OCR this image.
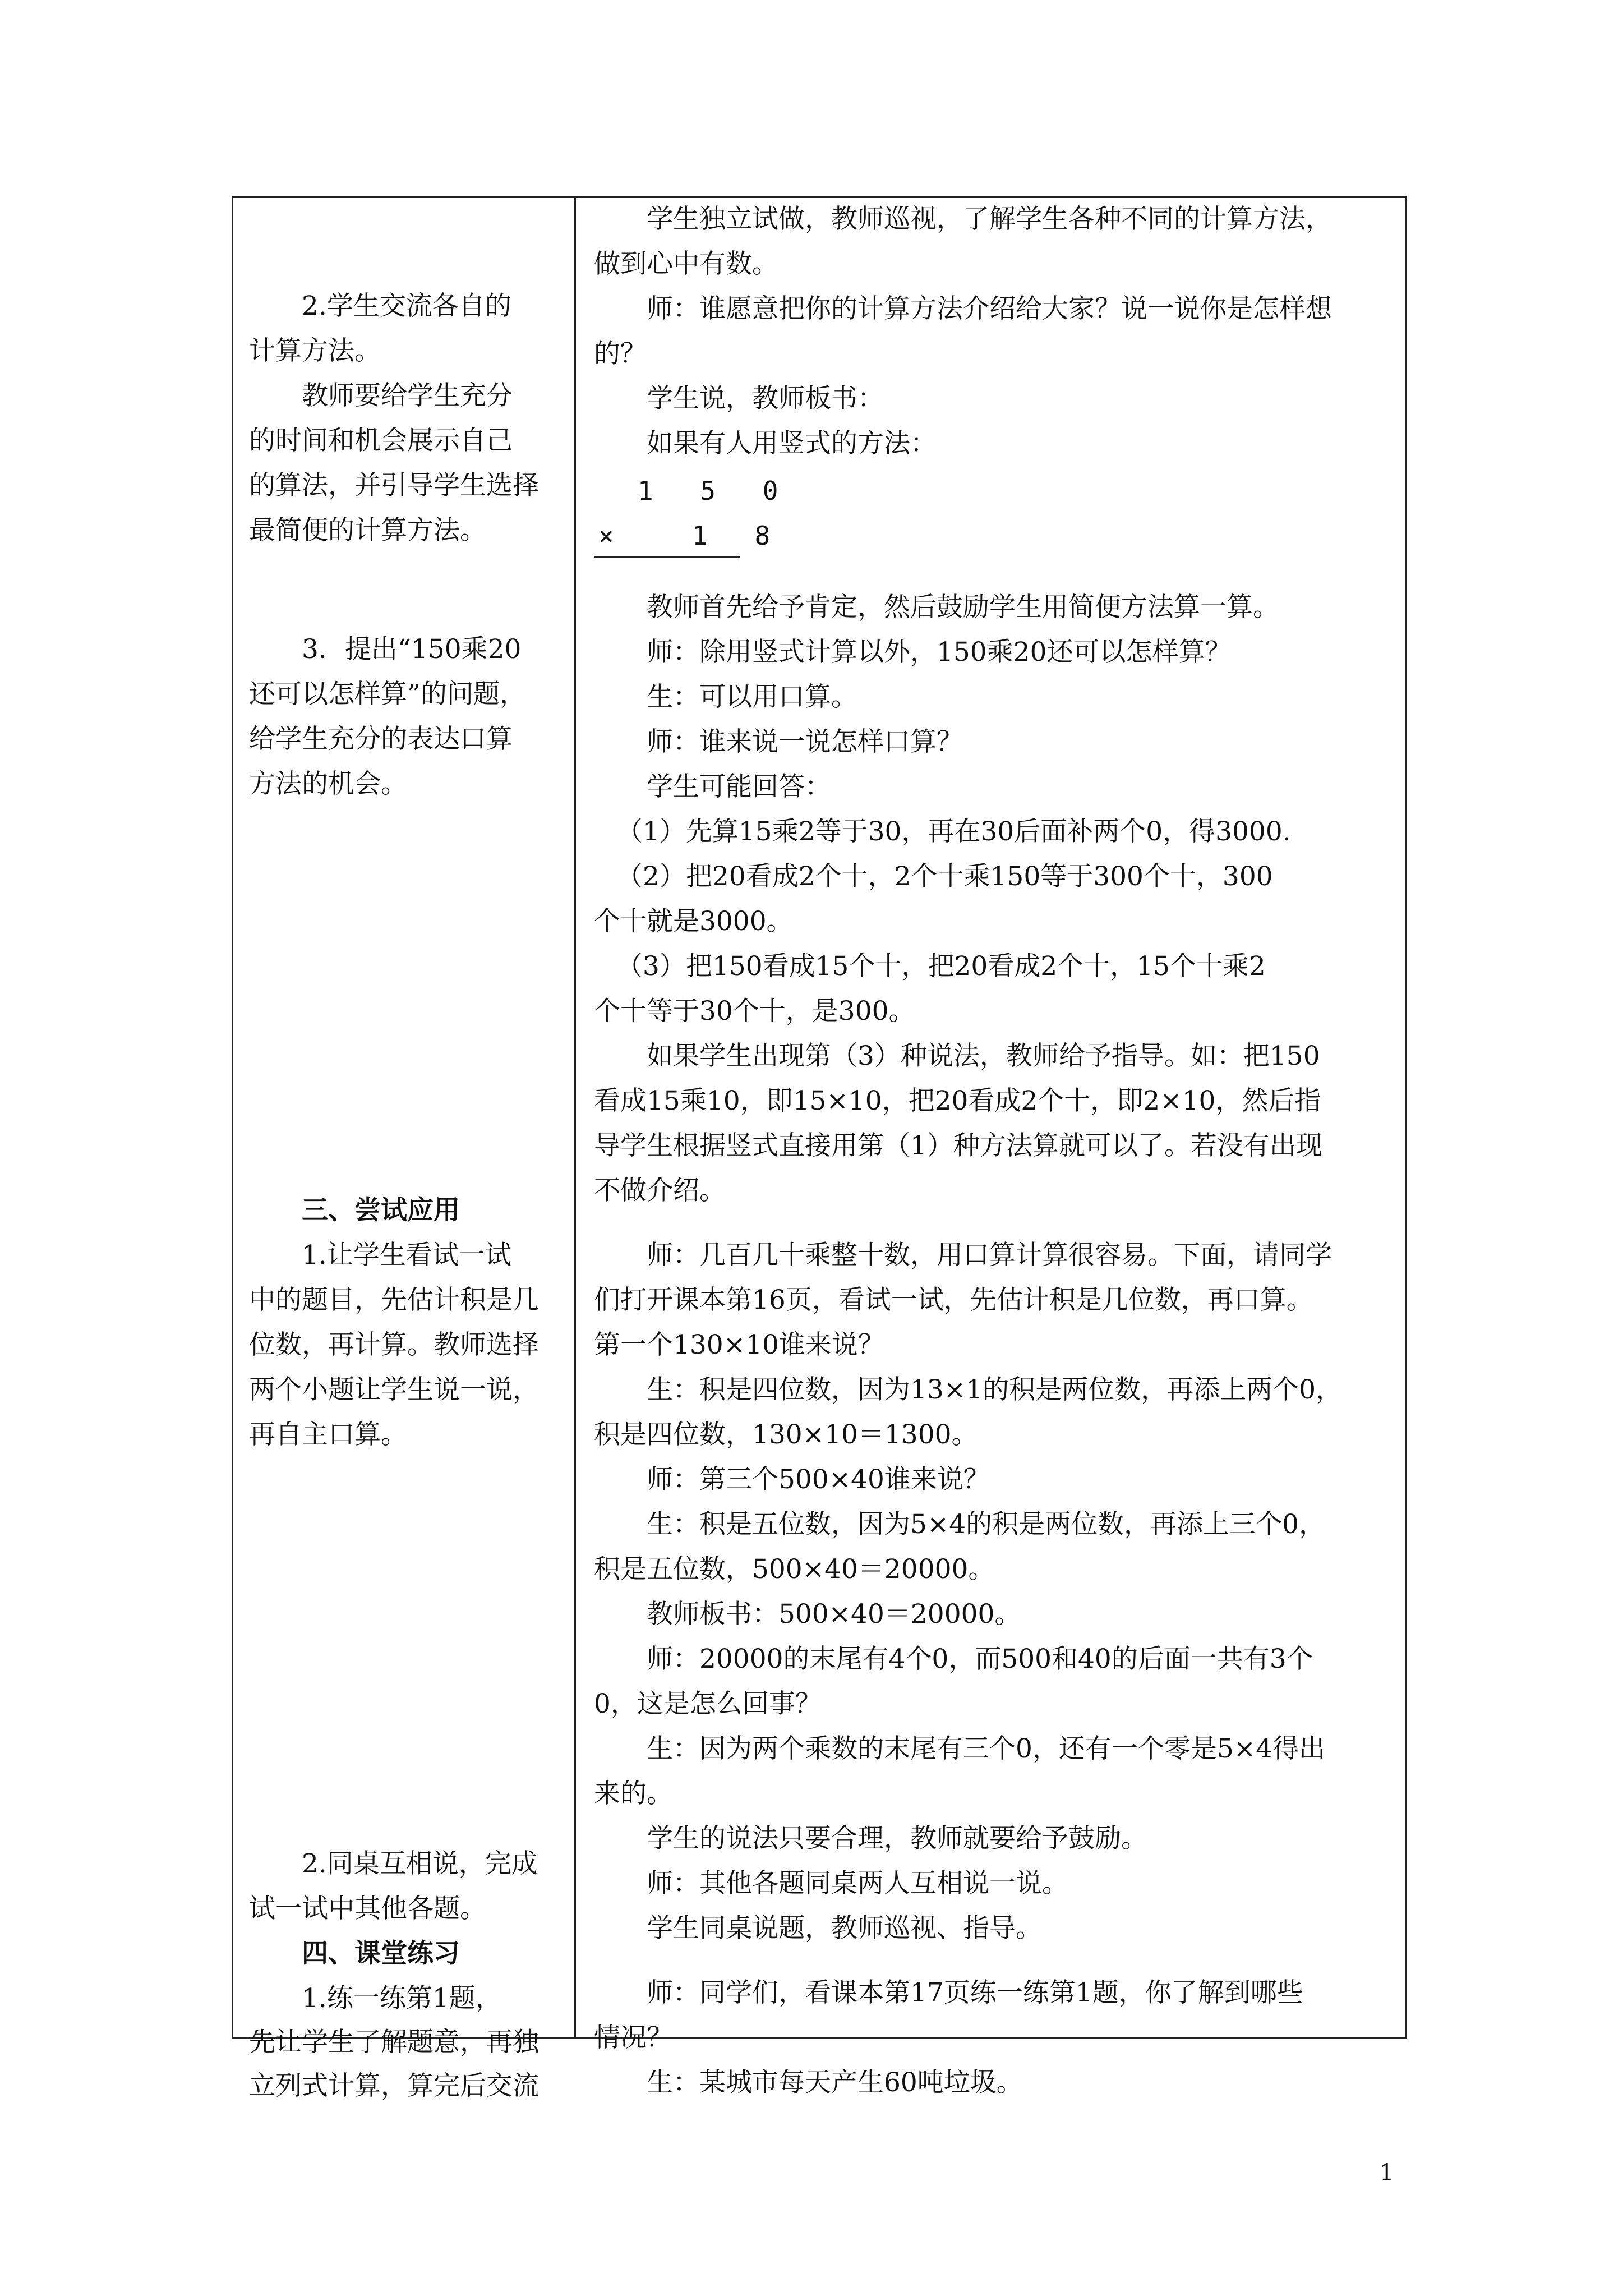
2.学生交流各自的
计算方法。
教师要给学生充分
的时间和机会展示自己
的算法，并引导学生选择
最简便的计算方法。
3．提出“150乘20
还可以怎样算”的问题，
给学生充分的表达口算
方法的机会。
三、尝试应用
1.让学生看试一试
中的题目，先估计积是几
位数，再计算。教师选择
两个小题让学生说一说，
再自主口算。
2.同桌互相说，完成
试一试中其他各题。
四、课堂练习
1.练一练第1题，
先让学生了解题意，再独
立列式计算，算完后交流
学生独立试做，教师巡视，了解学生各种不同的计算方法，
做到心中有数。
师：谁愿意把你的计算方法介绍给大家？说一说你是怎样想
的？
学生说，教师板书：
如果有人用竖式的方法：
1 5 0
×  1 8
教师首先给予肯定，然后鼓励学生用简便方法算一算。
师：除用竖式计算以外，150乘20还可以怎样算？
生：可以用口算。
师：谁来说一说怎样口算？
学生可能回答：
（1）先算15乘2等于30，再在30后面补两个0，得3000.
（2）把20看成2个十，2个十乘150等于300个十，300
个十就是3000。
（3）把150看成15个十，把20看成2个十，15个十乘2
个十等于30个十，是300。
如果学生出现第（3）种说法，教师给予指导。如：把150
看成15乘10，即15×10，把20看成2个十，即2×10，然后指
导学生根据竖式直接用第（1）种方法算就可以了。若没有出现
不做介绍。
师：几百几十乘整十数，用口算计算很容易。下面，请同学
们打开课本第16页，看试一试，先估计积是几位数，再口算。
第一个130×10谁来说？
生：积是四位数，因为13×1的积是两位数，再添上两个0，
积是四位数，130×10＝1300。
师：第三个500×40谁来说？
生：积是五位数，因为5×4的积是两位数，再添上三个0，
积是五位数，500×40＝20000。
教师板书：500×40＝20000。
师：20000的末尾有4个0，而500和40的后面一共有3个
0，这是怎么回事？
生：因为两个乘数的末尾有三个0，还有一个零是5×4得出
来的。
学生的说法只要合理，教师就要给予鼓励。
师：其他各题同桌两人互相说一说。
学生同桌说题，教师巡视、指导。
师：同学们，看课本第17页练一练第1题，你了解到哪些
情况？
生：某城市每天产生60吨垃圾。
1
